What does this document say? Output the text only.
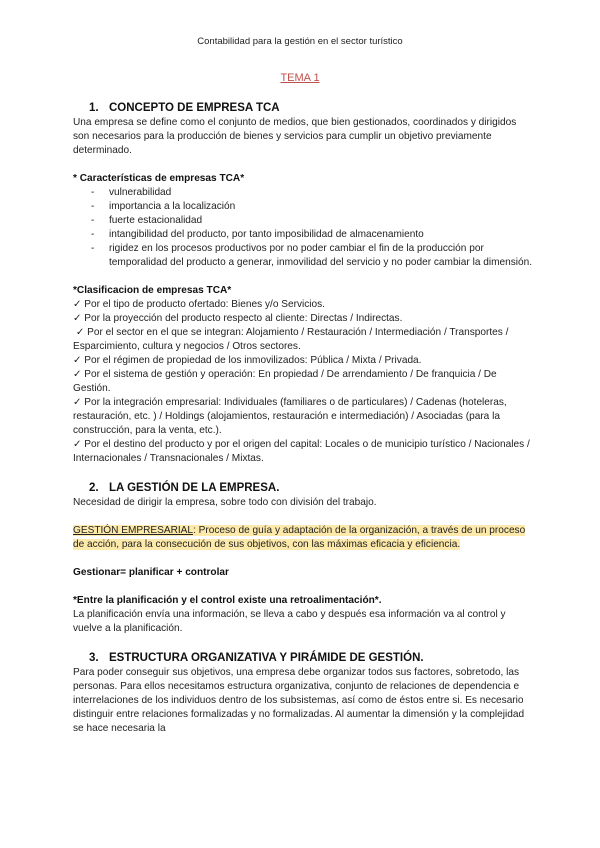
Contabilidad para la gestión en el sector turístico
TEMA 1
1. CONCEPTO DE EMPRESA TCA

Una empresa se define como el conjunto de medios, que bien gestionados, coordinados y dirigidos son necesarios para la producción de bienes y servicios para cumplir un objetivo previamente determinado.

* Características de empresas TCA*

- vulnerabilidad
- importancia a la localización
- fuerte estacionalidad
- intangibilidad del producto, por tanto imposibilidad de almacenamiento
- rigidez en los procesos productivos por no poder cambiar el fin de la producción por temporalidad del producto a generar, inmovilidad del servicio y no poder cambiar la dimensión.

*Clasificacion de empresas TCA*

✓ Por el tipo de producto ofertado: Bienes y/o Servicios.
✓ Por la proyección del producto respecto al cliente: Directas / Indirectas.
✓ Por el sector en el que se integran: Alojamiento / Restauración / Intermediación / Transportes / Esparcimiento, cultura y negocios / Otros sectores.
✓ Por el régimen de propiedad de los inmovilizados: Pública / Mixta / Privada.
✓ Por el sistema de gestión y operación: En propiedad / De arrendamiento / De franquicia / De Gestión.
✓ Por la integración empresarial: Individuales (familiares o de particulares) / Cadenas (hoteleras, restauración, etc. ) / Holdings (alojamientos, restauración e intermediación) / Asociadas (para la construcción, para la venta, etc.).
✓ Por el destino del producto y por el origen del capital: Locales o de municipio turístico / Nacionales / Internacionales / Transnacionales / Mixtas.
2. LA GESTIÓN DE LA EMPRESA.

Necesidad de dirigir la empresa, sobre todo con división del trabajo.

GESTIÓN EMPRESARIAL: Proceso de guía y adaptación de la organización, a través de un proceso de acción, para la consecución de sus objetivos, con las máximas eficacia y eficiencia.

Gestionar= planificar + controlar

*Entre la planificación y el control existe una retroalimentación*.

La planificación envía una información, se lleva a cabo y después esa información va al control y vuelve a la planificación.

3. ESTRUCTURA ORGANIZATIVA Y PIRÁMIDE DE GESTIÓN.

Para poder conseguir sus objetivos, una empresa debe organizar todos sus factores, sobretodo, las personas. Para ellos necesitamos estructura organizativa, conjunto de relaciones de dependencia e interrelaciones de los individuos dentro de los subsistemas, así como de éstos entre si. Es necesario distinguir entre relaciones formalizadas y no formalizadas. Al aumentar la dimensión y la complejidad se hace necesaria la
